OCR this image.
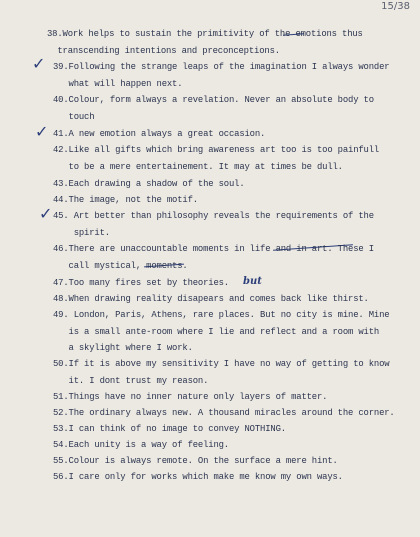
15/38
✓
✓
✓
but

38.Work helps to sustain the primitivity of the emotions thus
transcending intentions and preconceptions.

39.Following the strange leaps of the imagination I always wonder
what will happen next.

40.Colour, form always a revelation. Never an absolute body to
touch

41.A new emotion always a great occasion.

42.Like all gifts which bring awareness art too is too painfull
to be a mere entertainement. It may at times be dull.

43.Each drawing a shadow of the soul.

44.The image, not the motif.

45. Art better than philosophy reveals the requirements of the
spirit.

46.There are unaccountable moments in life and in art. These I
call mystical, moments.

47.Too many fires set by theories.

48.When drawing reality disapears and comes back like thirst.

49. London, Paris, Athens, rare places. But no city is mine. Mine
is a small ante-room where I lie and reflect and a room with
a skylight where I work.

50.If it is above my sensitivity I have no way of getting to know
it. I dont trust my reason.

51.Things have no inner nature only layers of matter.

52.The ordinary always new. A thousand miracles around the corner.

53.I can think of no image to convey NOTHING.

54.Each unity is a way of feeling.

55.Colour is always remote. On the surface a mere hint.

56.I care only for works which make me know my own ways.
